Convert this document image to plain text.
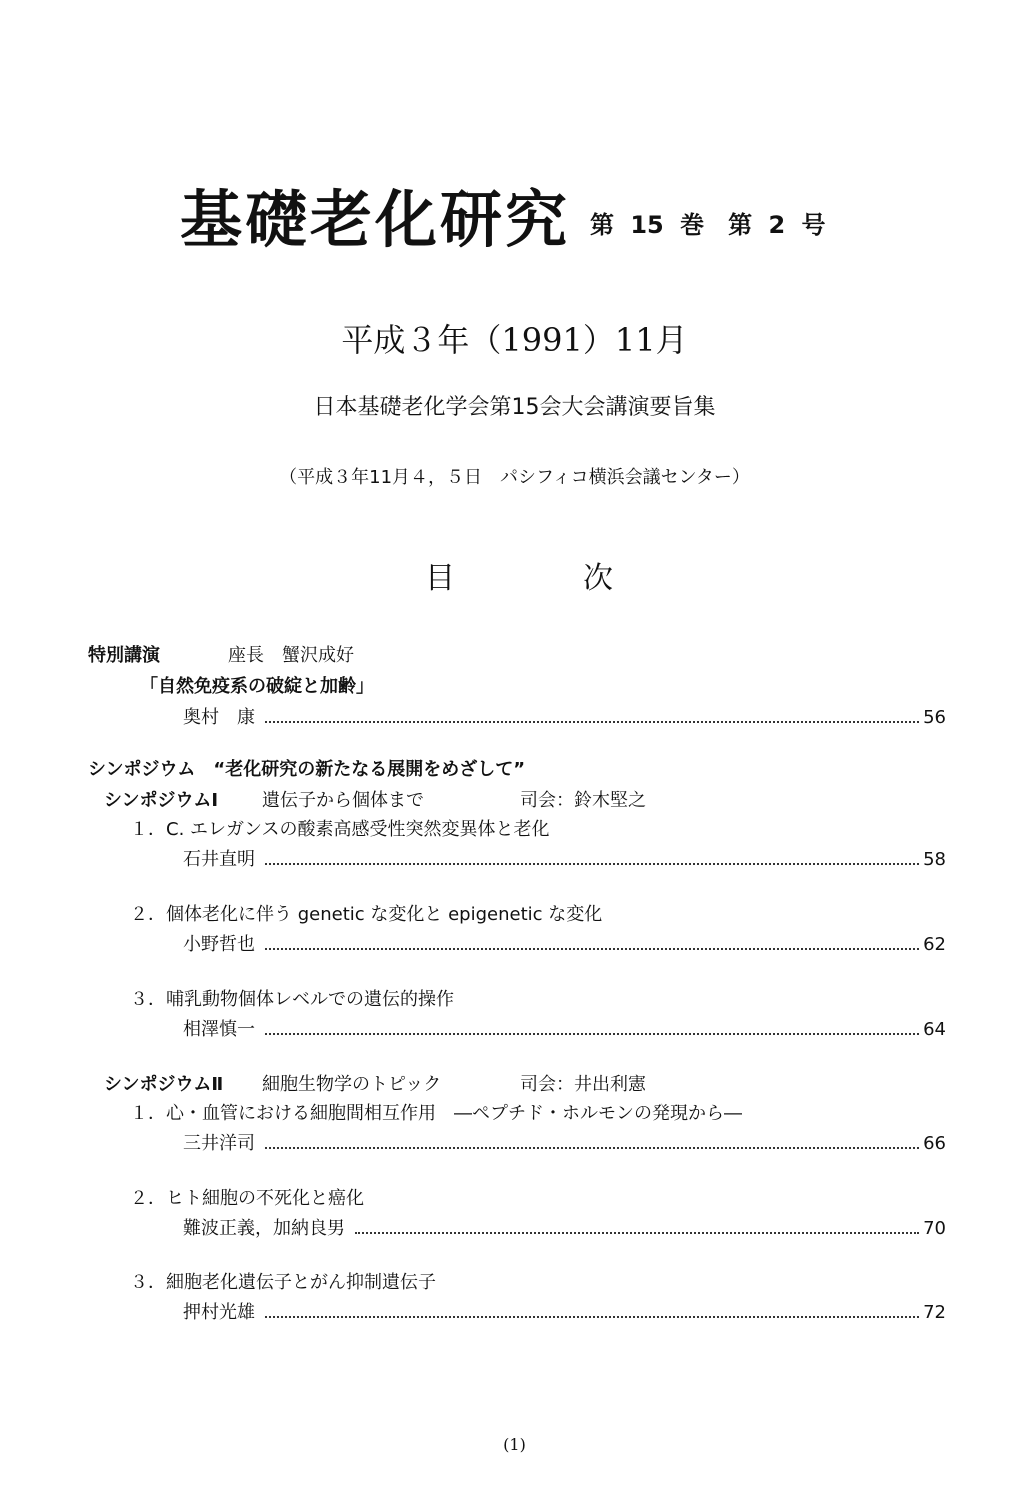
基礎老化研究 第 15 巻　第 2 号
平成３年（1991）11月
日本基礎老化学会第15会大会講演要旨集
（平成３年11月４，５日　パシフィコ横浜会議センター）
目	次
特別講演	座長　蟹沢成好
「自然免疫系の破綻と加齢」
奥村　康	56
シンポジウム　“老化研究の新たなる展開をめざして”
シンポジウムⅠ 遺伝子から個体まで	司会：鈴木堅之
１．C. エレガンスの酸素高感受性突然変異体と老化
石井直明	58
２．個体老化に伴う genetic な変化と epigenetic な変化
小野哲也	62
３．哺乳動物個体レベルでの遺伝的操作
相澤慎一	64
シンポジウムⅡ 細胞生物学のトピック	司会：井出利憲
１．心・血管における細胞間相互作用　―ペプチド・ホルモンの発現から―
三井洋司	66
２．ヒト細胞の不死化と癌化
難波正義，加納良男	70
３．細胞老化遺伝子とがん抑制遺伝子
押村光雄	72
(1)
